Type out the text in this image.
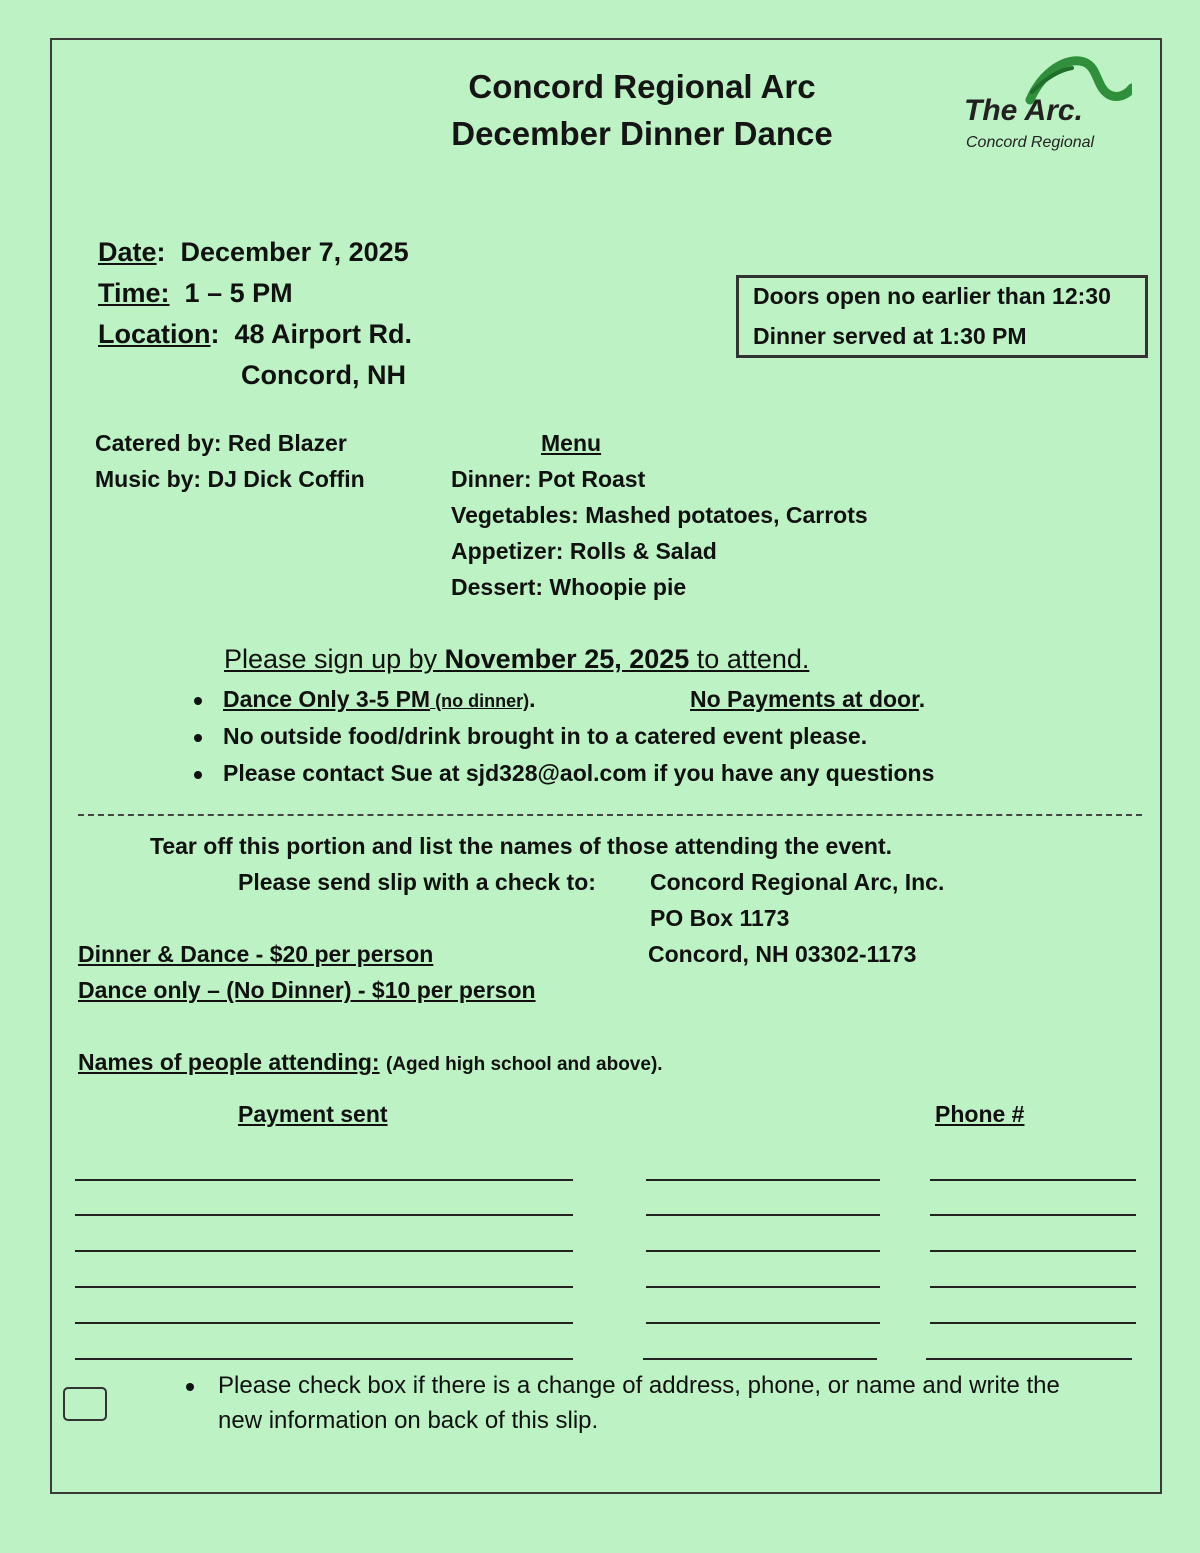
Concord Regional Arc
December Dinner Dance
The Arc.
Concord Regional
Date:  December 7, 2025
Time: 1 – 5 PM
Location:  48 Airport Rd.
Concord, NH
Doors open no earlier than 12:30
Dinner served at 1:30 PM
Catered by: Red Blazer
Music by: DJ Dick Coffin
Menu
Dinner: Pot Roast
Vegetables: Mashed potatoes, Carrots
Appetizer: Rolls & Salad
Dessert: Whoopie pie
Please sign up by November 25, 2025 to attend.
Dance Only 3-5 PM (no dinner).	No Payments at door.
No outside food/drink brought in to a catered event please.
Please contact Sue at sjd328@aol.com if you have any questions
Tear off this portion and list the names of those attending the event.
Please send slip with a check to: Concord Regional Arc, Inc.
PO Box 1173
Concord, NH 03302-1173
Dinner & Dance - $20 per person
Dance only – (No Dinner) - $10 per person
Names of people attending: (Aged high school and above).
Payment sent	Phone #
Please check box if there is a change of address, phone, or name and write the
new information on back of this slip.
